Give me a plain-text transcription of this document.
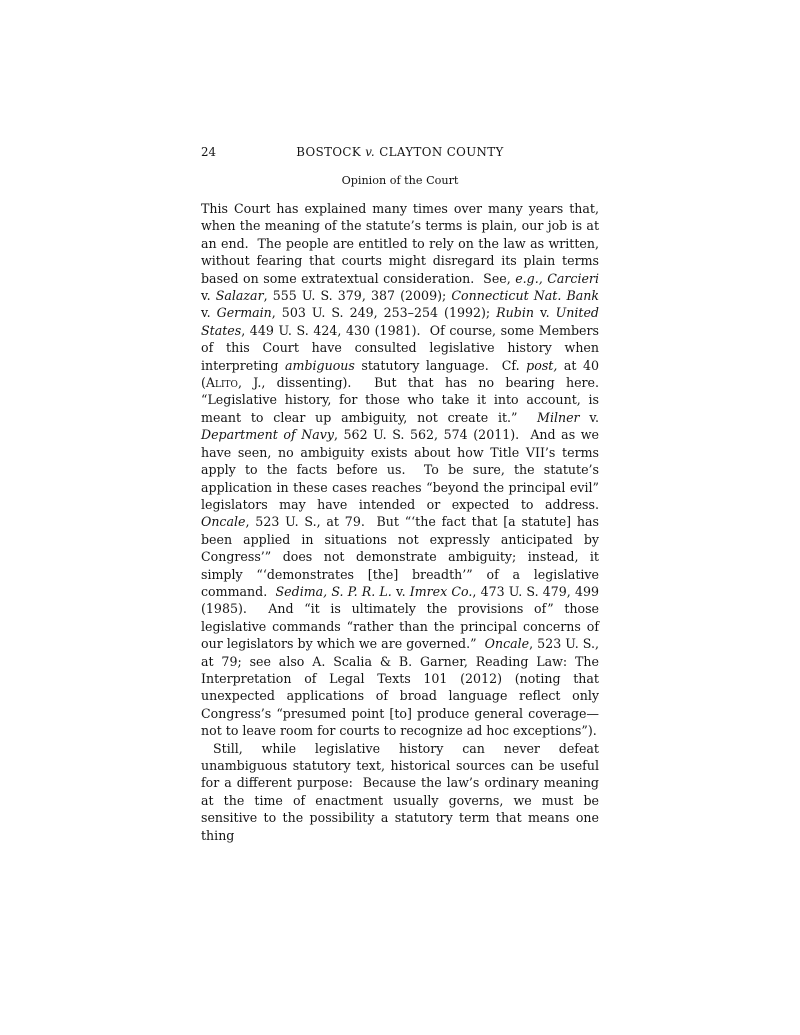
24	BOSTOCK v. CLAYTON COUNTY
Opinion of the Court

This Court has explained many times over many years that, when the meaning of the statute’s terms is plain, our job is at an end.  The people are entitled to rely on the law as written, without fearing that courts might disregard its plain terms based on some extratextual consideration.  See, e.g., Carcieri v. Salazar, 555 U. S. 379, 387 (2009); Connecticut Nat. Bank v. Germain, 503 U. S. 249, 253–254 (1992); Rubin v. United States, 449 U. S. 424, 430 (1981).  Of course, some Members of this Court have consulted legislative history when interpreting ambiguous statutory language.  Cf. post, at 40 (Alito, J., dissenting).  But that has no bearing here.  “Legislative history, for those who take it into account, is meant to clear up ambiguity, not create it.”  Milner v. Department of Navy, 562 U. S. 562, 574 (2011).  And as we have seen, no ambiguity exists about how Title VII’s terms apply to the facts before us.  To be sure, the statute’s application in these cases reaches “beyond the principal evil” legislators may have intended or expected to address.  Oncale, 523 U. S., at 79.  But “‘the fact that [a statute] has been applied in situations not expressly anticipated by Congress’” does not demonstrate ambiguity; instead, it simply “‘demonstrates [the] breadth’” of a legislative command.  Sedima, S. P. R. L. v. Imrex Co., 473 U. S. 479, 499 (1985).  And “it is ultimately the provisions of” those legislative commands “rather than the principal concerns of our legislators by which we are governed.”  Oncale, 523 U. S., at 79; see also A. Scalia & B. Garner, Reading Law: The Interpretation of Legal Texts 101 (2012) (noting that unexpected applications of broad language reflect only Congress’s “presumed point [to] produce general coverage—not to leave room for courts to recognize ad hoc exceptions”).

Still, while legislative history can never defeat unambiguous statutory text, historical sources can be useful for a different purpose:  Because the law’s ordinary meaning at the time of enactment usually governs, we must be sensitive to the possibility a statutory term that means one thing
